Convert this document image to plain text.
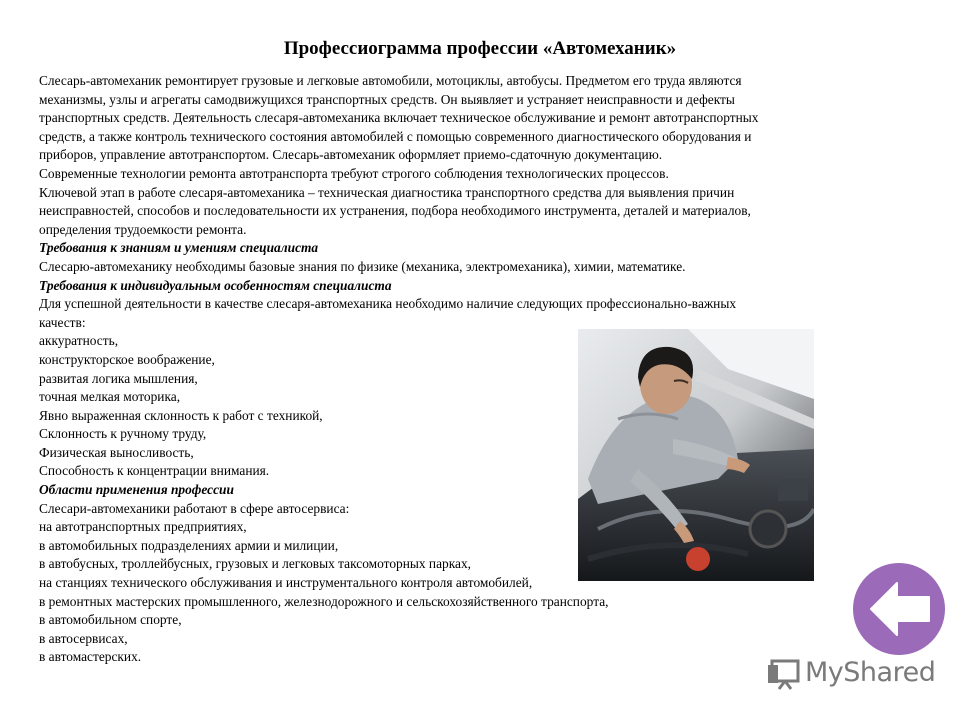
Профессиограмма профессии «Автомеханик»
Слесарь-автомеханик ремонтирует грузовые и легковые автомобили, мотоциклы, автобусы. Предметом его труда являются
механизмы, узлы и агрегаты самодвижущихся транспортных средств. Он выявляет и устраняет неисправности и дефекты
транспортных средств. Деятельность слесаря-автомеханика включает техническое обслуживание и ремонт автотранспортных
средств, а также контроль технического состояния автомобилей с помощью современного диагностического оборудования и
приборов, управление автотранспортом. Слесарь-автомеханик оформляет приемо-сдаточную документацию.
Современные технологии ремонта автотранспорта требуют строгого соблюдения технологических процессов.
Ключевой этап в работе слесаря-автомеханика – техническая диагностика транспортного средства для выявления причин
неисправностей, способов и последовательности их устранения, подбора необходимого инструмента, деталей и материалов,
определения трудоемкости ремонта.
Требования к знаниям и умениям специалиста
Слесарю-автомеханику необходимы базовые знания по физике (механика, электромеханика), химии, математике.
Требования к индивидуальным особенностям специалиста
Для успешной деятельности в качестве слесаря-автомеханика необходимо наличие следующих профессионально-важных
качеств:
аккуратность,
конструкторское воображение,
развитая логика мышления,
точная мелкая моторика,
Явно выраженная склонность к работ с техникой,
Склонность к ручному труду,
Физическая выносливость,
Способность к концентрации внимания.
Области применения профессии
Слесари-автомеханики работают в сфере автосервиса:
на автотранспортных предприятиях,
в автомобильных подразделениях армии и милиции,
в автобусных, троллейбусных, грузовых и легковых таксомоторных парках,
на станциях технического обслуживания и инструментального контроля автомобилей,
в ремонтных мастерских промышленного, железнодорожного и сельскохозяйственного транспорта,
в автомобильном спорте,
в автосервисах,
в автомастерских.
MyShared
